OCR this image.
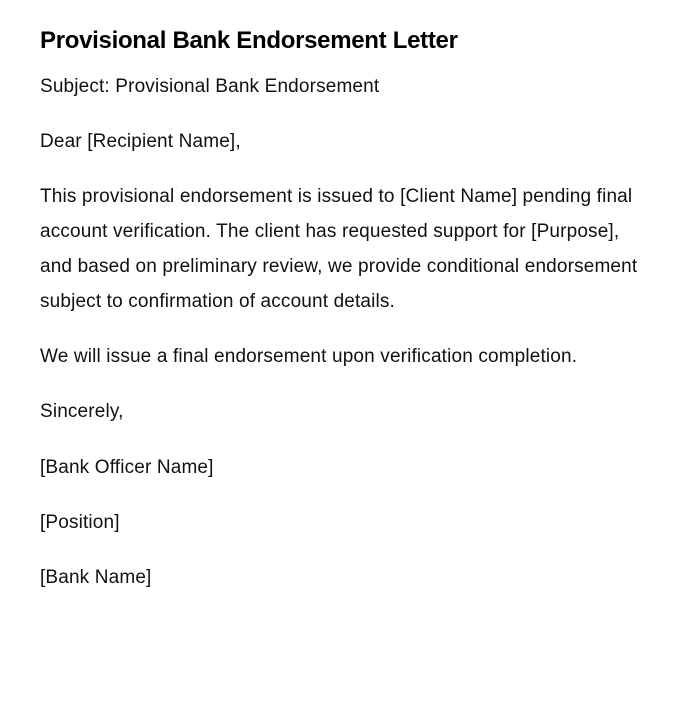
Provisional Bank Endorsement Letter

Subject: Provisional Bank Endorsement

Dear [Recipient Name],

This provisional endorsement is issued to [Client Name] pending final account verification. The client has requested support for [Purpose], and based on preliminary review, we provide conditional endorsement subject to confirmation of account details.

We will issue a final endorsement upon verification completion.

Sincerely,

[Bank Officer Name]

[Position]

[Bank Name]
